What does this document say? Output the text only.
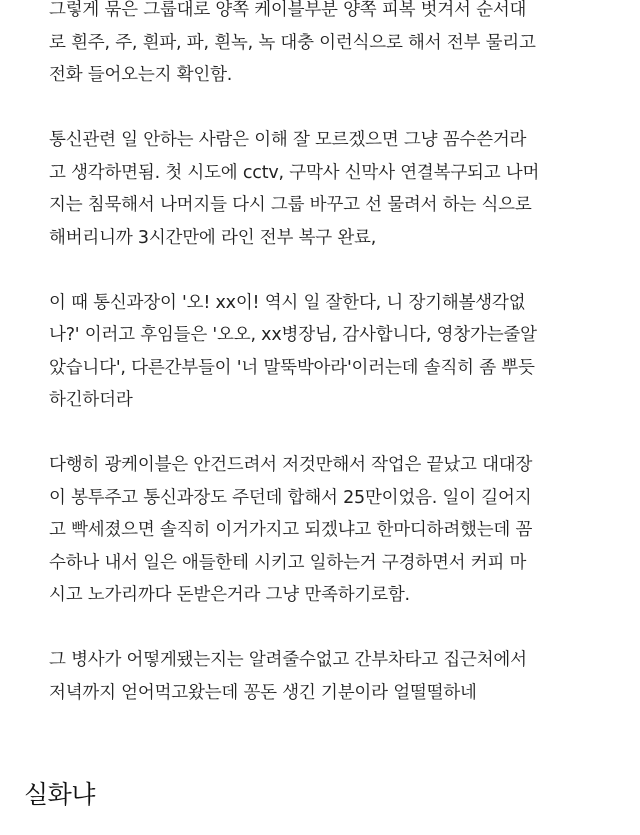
그렇게 묶은 그룹대로 양쪽 케이블부분 양쪽 피복 벗겨서 순서대
로 흰주, 주, 흰파, 파, 흰녹, 녹 대충 이런식으로 해서 전부 물리고
전화 들어오는지 확인함.

통신관련 일 안하는 사람은 이해 잘 모르겠으면 그냥 꼼수쓴거라
고 생각하면됨. 첫 시도에 cctv, 구막사 신막사 연결복구되고 나머
지는 침묵해서 나머지들 다시 그룹 바꾸고 선 물려서 하는 식으로
해버리니까 3시간만에 라인 전부 복구 완료,

이 때 통신과장이 '오! xx이! 역시 일 잘한다, 니 장기해볼생각없
나?' 이러고 후임들은 '오오, xx병장님, 감사합니다, 영창가는줄알
았습니다', 다른간부들이 '너 말뚝박아라'이러는데 솔직히 좀 뿌듯
하긴하더라

다행히 광케이블은 안건드려서 저것만해서 작업은 끝났고 대대장
이 봉투주고 통신과장도 주던데 합해서 25만이었음. 일이 길어지
고 빡세졌으면 솔직히 이거가지고 되겠냐고 한마디하려했는데 꼼
수하나 내서 일은 애들한테 시키고 일하는거 구경하면서 커피 마
시고 노가리까다 돈받은거라 그냥 만족하기로함.

그 병사가 어떻게됐는지는 알려줄수없고 간부차타고 집근처에서
저녁까지 얻어먹고왔는데 꽁돈 생긴 기분이라 얼떨떨하네

실화냐
